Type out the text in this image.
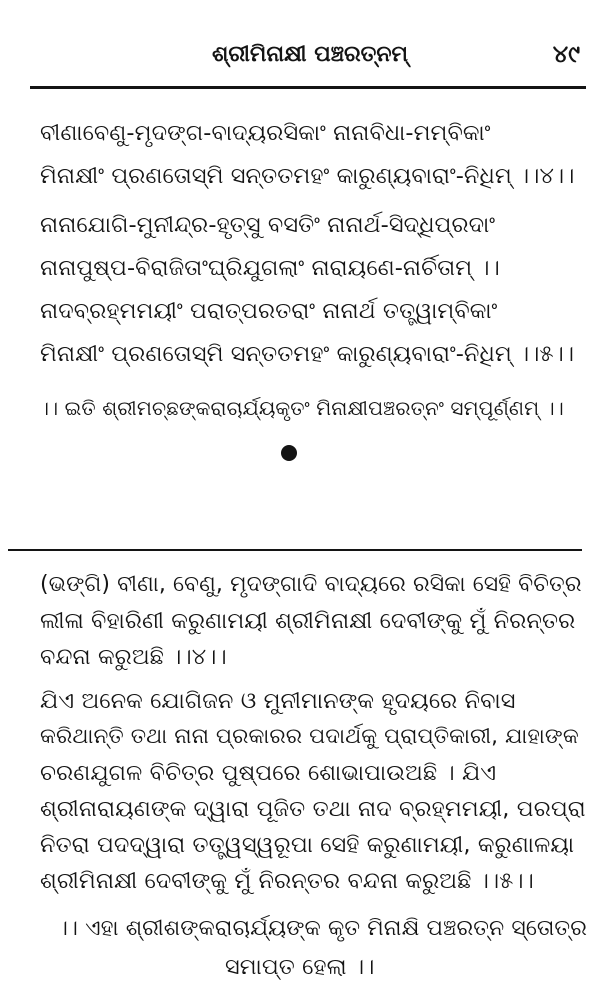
ଶ୍ରୀମିନାକ୍ଷୀ ପଞ୍ଚରତ୍ନମ୍	୪୯
ବୀଣାବେଣୁ-ମୃଦଙ୍ଗ-ବାଦ୍ୟରସିକାଂ ନାନାବିଧା-ମମ୍ବିକାଂ
ମିନାକ୍ଷୀଂ ପ୍ରଣତୋସ୍ମି ସନ୍ତତମହଂ କାରୁଣ୍ୟବାରାଂ-ନିଧିମ୍ ।।୪।।
ନାନାଯୋଗି-ମୁନୀନ୍ଦ୍ର-ହୃତ୍ସୁ ବସତିଂ ନାନାର୍ଥ-ସିଦ୍ଧିପ୍ରଦାଂ
ନାନାପୁଷ୍ପ-ବିରାଜିତାଂଘ୍ରିଯୁଗଲାଂ ନାରାୟଣେ-ନାର୍ଚିତାମ୍ ।।
ନାଦବ୍ରହ୍ମମୟୀଂ ପରାତ୍ପରତରାଂ ନାନାର୍ଥ ତତ୍ତ୍ୱାମ୍ବିକାଂ
ମିନାକ୍ଷୀଂ ପ୍ରଣତୋସ୍ମି ସନ୍ତତମହଂ କାରୁଣ୍ୟବାରାଂ-ନିଧିମ୍ ।।୫।।
।। ଇତି ଶ୍ରୀମଚ୍ଛଙ୍କରାଚାର୍ଯ୍ୟକୃତଂ ମିନାକ୍ଷୀପଞ୍ଚରତ୍ନଂ ସମ୍ପୂର୍ଣ୍ଣମ୍ ।।
(ଭଙ୍ଗି) ବୀଣା, ବେଣୁ, ମୃଦଙ୍ଗାଦି ବାଦ୍ୟରେ ରସିକା ସେହି ବିଚିତ୍ର
ଲୀଳା ବିହାରିଣୀ କରୁଣାମୟୀ ଶ୍ରୀମିନାକ୍ଷୀ ଦେବୀଙ୍କୁ ମୁଁ ନିରନ୍ତର
ବନ୍ଦନା କରୁଅଛି ।।୪।।
ଯିଏ ଅନେକ ଯୋଗିଜନ ଓ ମୁନୀମାନଙ୍କ ହୃଦୟରେ ନିବାସ
କରିଥାନ୍ତି ତଥା ନାନା ପ୍ରକାରର ପଦାର୍ଥକୁ ପ୍ରାପ୍ତିକାରୀ, ଯାହାଙ୍କ
ଚରଣଯୁଗଳ ବିଚିତ୍ର ପୁଷ୍ପରେ ଶୋଭାପାଉଅଛି । ଯିଏ
ଶ୍ରୀନାରାୟଣଙ୍କ ଦ୍ୱାରା ପୂଜିତ ତଥା ନାଦ ବ୍ରହ୍ମମୟୀ, ପରପ୍ରା
ନିତରା ପଦଦ୍ୱାରା ତତ୍ତ୍ୱସ୍ୱରୂପା ସେହି କରୁଣାମୟୀ, କରୁଣାଳୟା
ଶ୍ରୀମିନାକ୍ଷୀ ଦେବୀଙ୍କୁ ମୁଁ ନିରନ୍ତର ବନ୍ଦନା କରୁଅଛି ।।୫।।
।। ଏହା ଶ୍ରୀଶଙ୍କରାଚାର୍ଯ୍ୟଙ୍କ କୃତ ମିନାକ୍ଷି ପଞ୍ଚରତ୍ନ ସ୍ତୋତ୍ର
ସମାପ୍ତ ହେଲା ।।
